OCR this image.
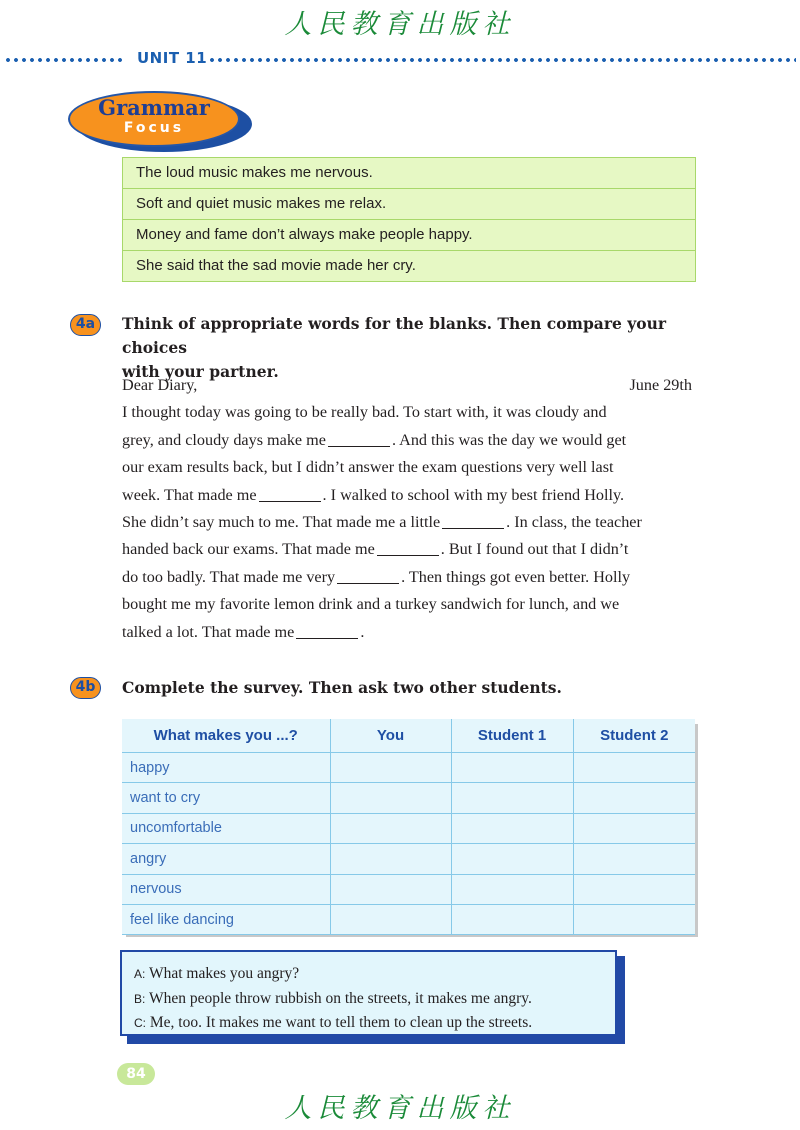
人民教育出版社
UNIT 11
Grammar
Focus
The loud music makes me nervous.
Soft and quiet music makes me relax.
Money and fame don’t always make people happy.
She said that the sad movie made her cry.
4a	Think of appropriate words for the blanks. Then compare your choices
with your partner.
Dear Diary,	June 29th
I thought today was going to be really bad. To start with, it was cloudy and
grey, and cloudy days make me	. And this was the day we would get
our exam results back, but I didn’t answer the exam questions very well last
week. That made me	. I walked to school with my best friend Holly.
She didn’t say much to me. That made me a little	. In class, the teacher
handed back our exams. That made me	. But I found out that I didn’t
do too badly. That made me very	. Then things got even better. Holly
bought me my favorite lemon drink and a turkey sandwich for lunch, and we
talked a lot. That made me	.
4b	Complete the survey. Then ask two other students.
What makes you ...?	You	Student 1	Student 2
happy			
want to cry			
uncomfortable			
angry			
nervous			
feel like dancing			
A: What makes you angry?
B: When people throw rubbish on the streets, it makes me angry.
C: Me, too. It makes me want to tell them to clean up the streets.
84
人民教育出版社
